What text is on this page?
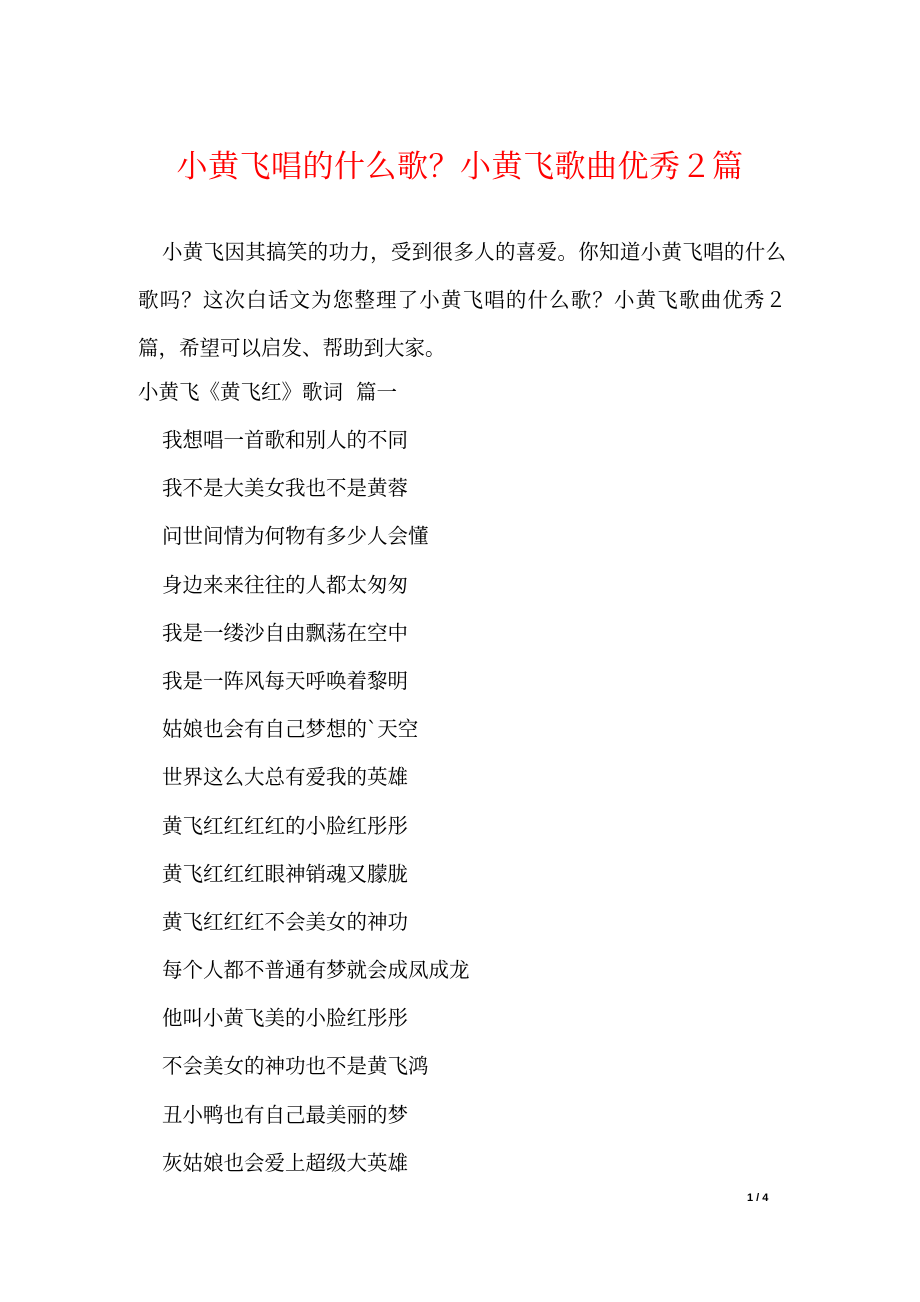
小黄飞唱的什么歌？小黄飞歌曲优秀２篇

小黄飞因其搞笑的功力，受到很多人的喜爱。你知道小黄飞唱的什么歌吗？这次白话文为您整理了小黄飞唱的什么歌？小黄飞歌曲优秀２篇，希望可以启发、帮助到大家。

小黄飞《黄飞红》歌词  篇一

我想唱一首歌和别人的不同
我不是大美女我也不是黄蓉
问世间情为何物有多少人会懂
身边来来往往的人都太匆匆
我是一缕沙自由飘荡在空中
我是一阵风每天呼唤着黎明
姑娘也会有自己梦想的`天空
世界这么大总有爱我的英雄
黄飞红红红红的小脸红彤彤
黄飞红红红眼神销魂又朦胧
黄飞红红红不会美女的神功
每个人都不普通有梦就会成凤成龙
他叫小黄飞美的小脸红彤彤
不会美女的神功也不是黄飞鸿
丑小鸭也有自己最美丽的梦
灰姑娘也会爱上超级大英雄
1 / 4
